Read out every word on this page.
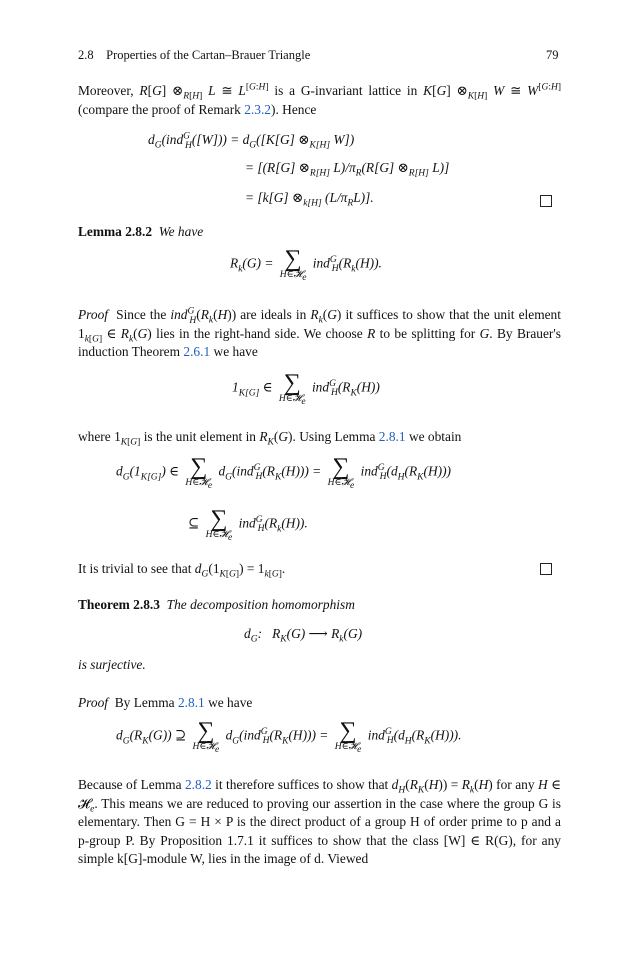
2.8 Properties of the Cartan–Brauer Triangle	79
Moreover, R[G] $\otimes_{R[H]}$ L ≅ L[G:H] is a G-invariant lattice in K[G] $\otimes_{K[H]}$ W ≅ W[G:H] (compare the proof of Remark 2.3.2). Hence
$d_G(ind^G_H([W])) = d_G([K[G]$ $\otimes_{K[H]}$ W])
= [(R[G] $\otimes_{R[H]}$ $L)/\pi_R(R[G]$ $\otimes_{R[H]}$ L)]
= [k[G] $\otimes_{k[H]}$ $(L/\pi_RL)$].
Lemma 2.8.2 We have
$R_k(G)$ = ∑
H∈𝓗$_e$
$ind^G_H(R_k(H))$.
Proof Since the $ind^G_H(R_k(H))$ are ideals in $R_k(G)$ it suffices to show that the unit element $1_{k[G]}$ ∈ $R_k(G)$ lies in the right-hand side. We choose R to be splitting for G. By Brauer's induction Theorem 2.6.1 we have
$1_{K[G]}$ ∈ ∑
H∈𝓗$_e$
$ind^G_H(R_K(H))$
where $1_{K[G]}$ is the unit element in $R_K(G)$. Using Lemma 2.8.1 we obtain
$d_G(1_{K[G]})$ ∈ ∑
H∈𝓗$_e$
$d_G(ind^G_H(R_K(H)))$ = ∑
H∈𝓗$_e$
$ind^G_H(d_H(R_K(H)))$
⊆ ∑
H∈𝓗$_e$
$ind^G_H(R_k(H))$.
It is trivial to see that $d_G(1_{K[G]}) = 1_{k[G]}$.
Theorem 2.8.3 The decomposition homomorphism
$d_G$:   $R_K(G)$ ⟶ $R_k(G)$
is surjective.
Proof By Lemma 2.8.1 we have
$d_G(R_K(G))$ ⊇ ∑
H∈𝓗$_e$
$d_G(ind^G_H(R_K(H)))$ = ∑
H∈𝓗$_e$
$ind^G_H(d_H(R_K(H)))$.
Because of Lemma 2.8.2 it therefore suffices to show that $d_H(R_K(H)) = R_k(H)$ for any H ∈ 𝓗$_e$. This means we are reduced to proving our assertion in the case where the group G is elementary. Then G = H × P is the direct product of a group H of order prime to p and a p-group P. By Proposition 1.7.1 it suffices to show that the class [W] ∈ R(G), for any simple k[G]-module W, lies in the image of d. Viewed
